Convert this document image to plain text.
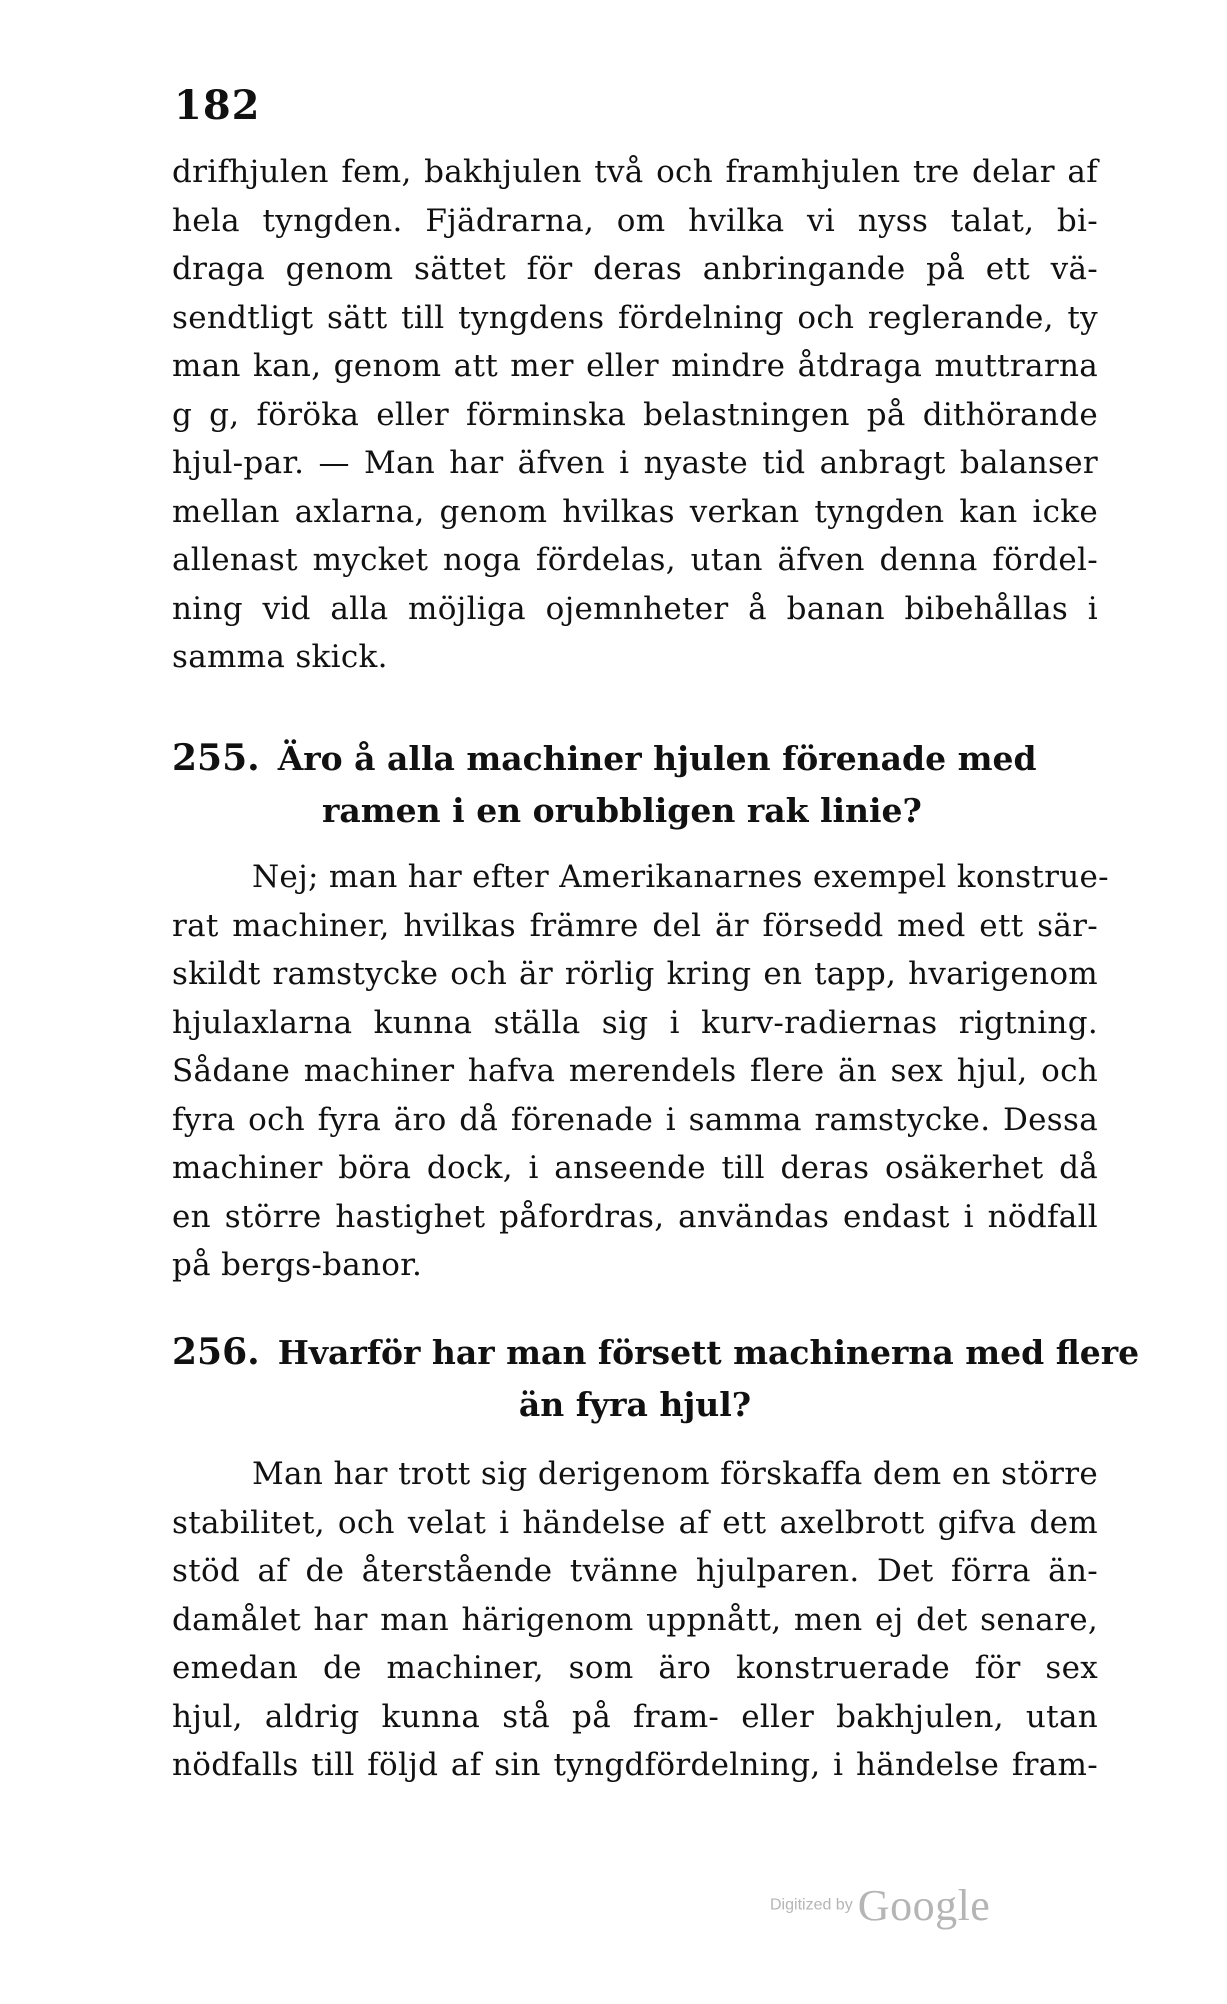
182
drifhjulen fem, bakhjulen två och framhjulen tre delar af
hela tyngden. Fjädrarna, om hvilka vi nyss talat, bi-
draga genom sättet för deras anbringande på ett vä-
sendtligt sätt till tyngdens fördelning och reglerande, ty
man kan, genom att mer eller mindre åtdraga muttrarna
g g, föröka eller förminska belastningen på dithörande
hjul-par. — Man har äfven i nyaste tid anbragt balanser
mellan axlarna, genom hvilkas verkan tyngden kan icke
allenast mycket noga fördelas, utan äfven denna fördel-
ning vid alla möjliga ojemnheter å banan bibehållas i
samma skick.
255. Äro å alla machiner hjulen förenade med
ramen i en orubbligen rak linie?
Nej; man har efter Amerikanarnes exempel konstrue-
rat machiner, hvilkas främre del är försedd med ett sär-
skildt ramstycke och är rörlig kring en tapp, hvarigenom
hjulaxlarna kunna ställa sig i kurv-radiernas rigtning.
Sådane machiner hafva merendels flere än sex hjul, och
fyra och fyra äro då förenade i samma ramstycke. Dessa
machiner böra dock, i anseende till deras osäkerhet då
en större hastighet påfordras, användas endast i nödfall
på bergs-banor.
256. Hvarför har man försett machinerna med flere
än fyra hjul?
Man har trott sig derigenom förskaffa dem en större
stabilitet, och velat i händelse af ett axelbrott gifva dem
stöd af de återstående tvänne hjulparen. Det förra än-
damålet har man härigenom uppnått, men ej det senare,
emedan de machiner, som äro konstruerade för sex
hjul, aldrig kunna stå på fram- eller bakhjulen, utan
nödfalls till följd af sin tyngdfördelning, i händelse fram-
Digitized by Google
